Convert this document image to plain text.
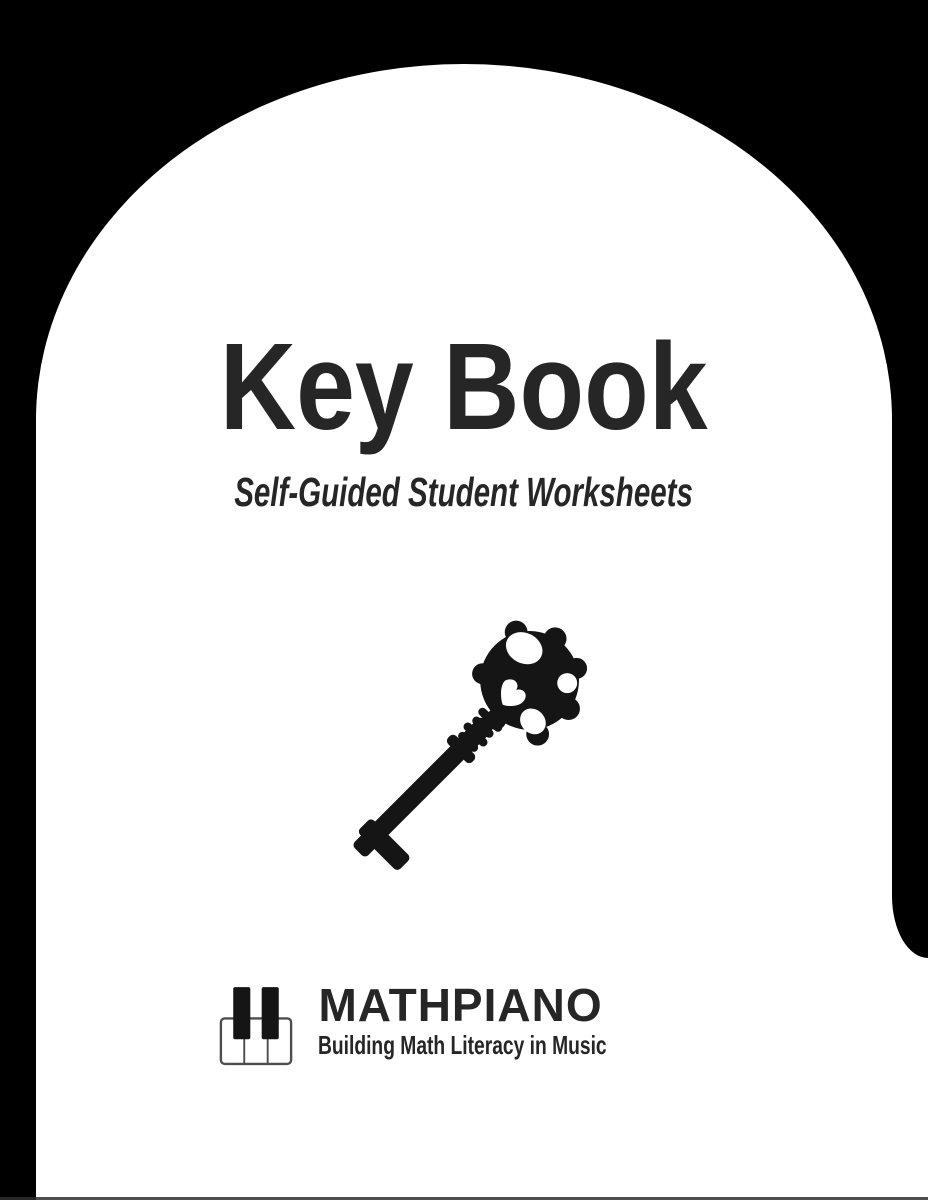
Key Book
Self-Guided Student Worksheets
MATHPIANO
Building Math Literacy in Music
